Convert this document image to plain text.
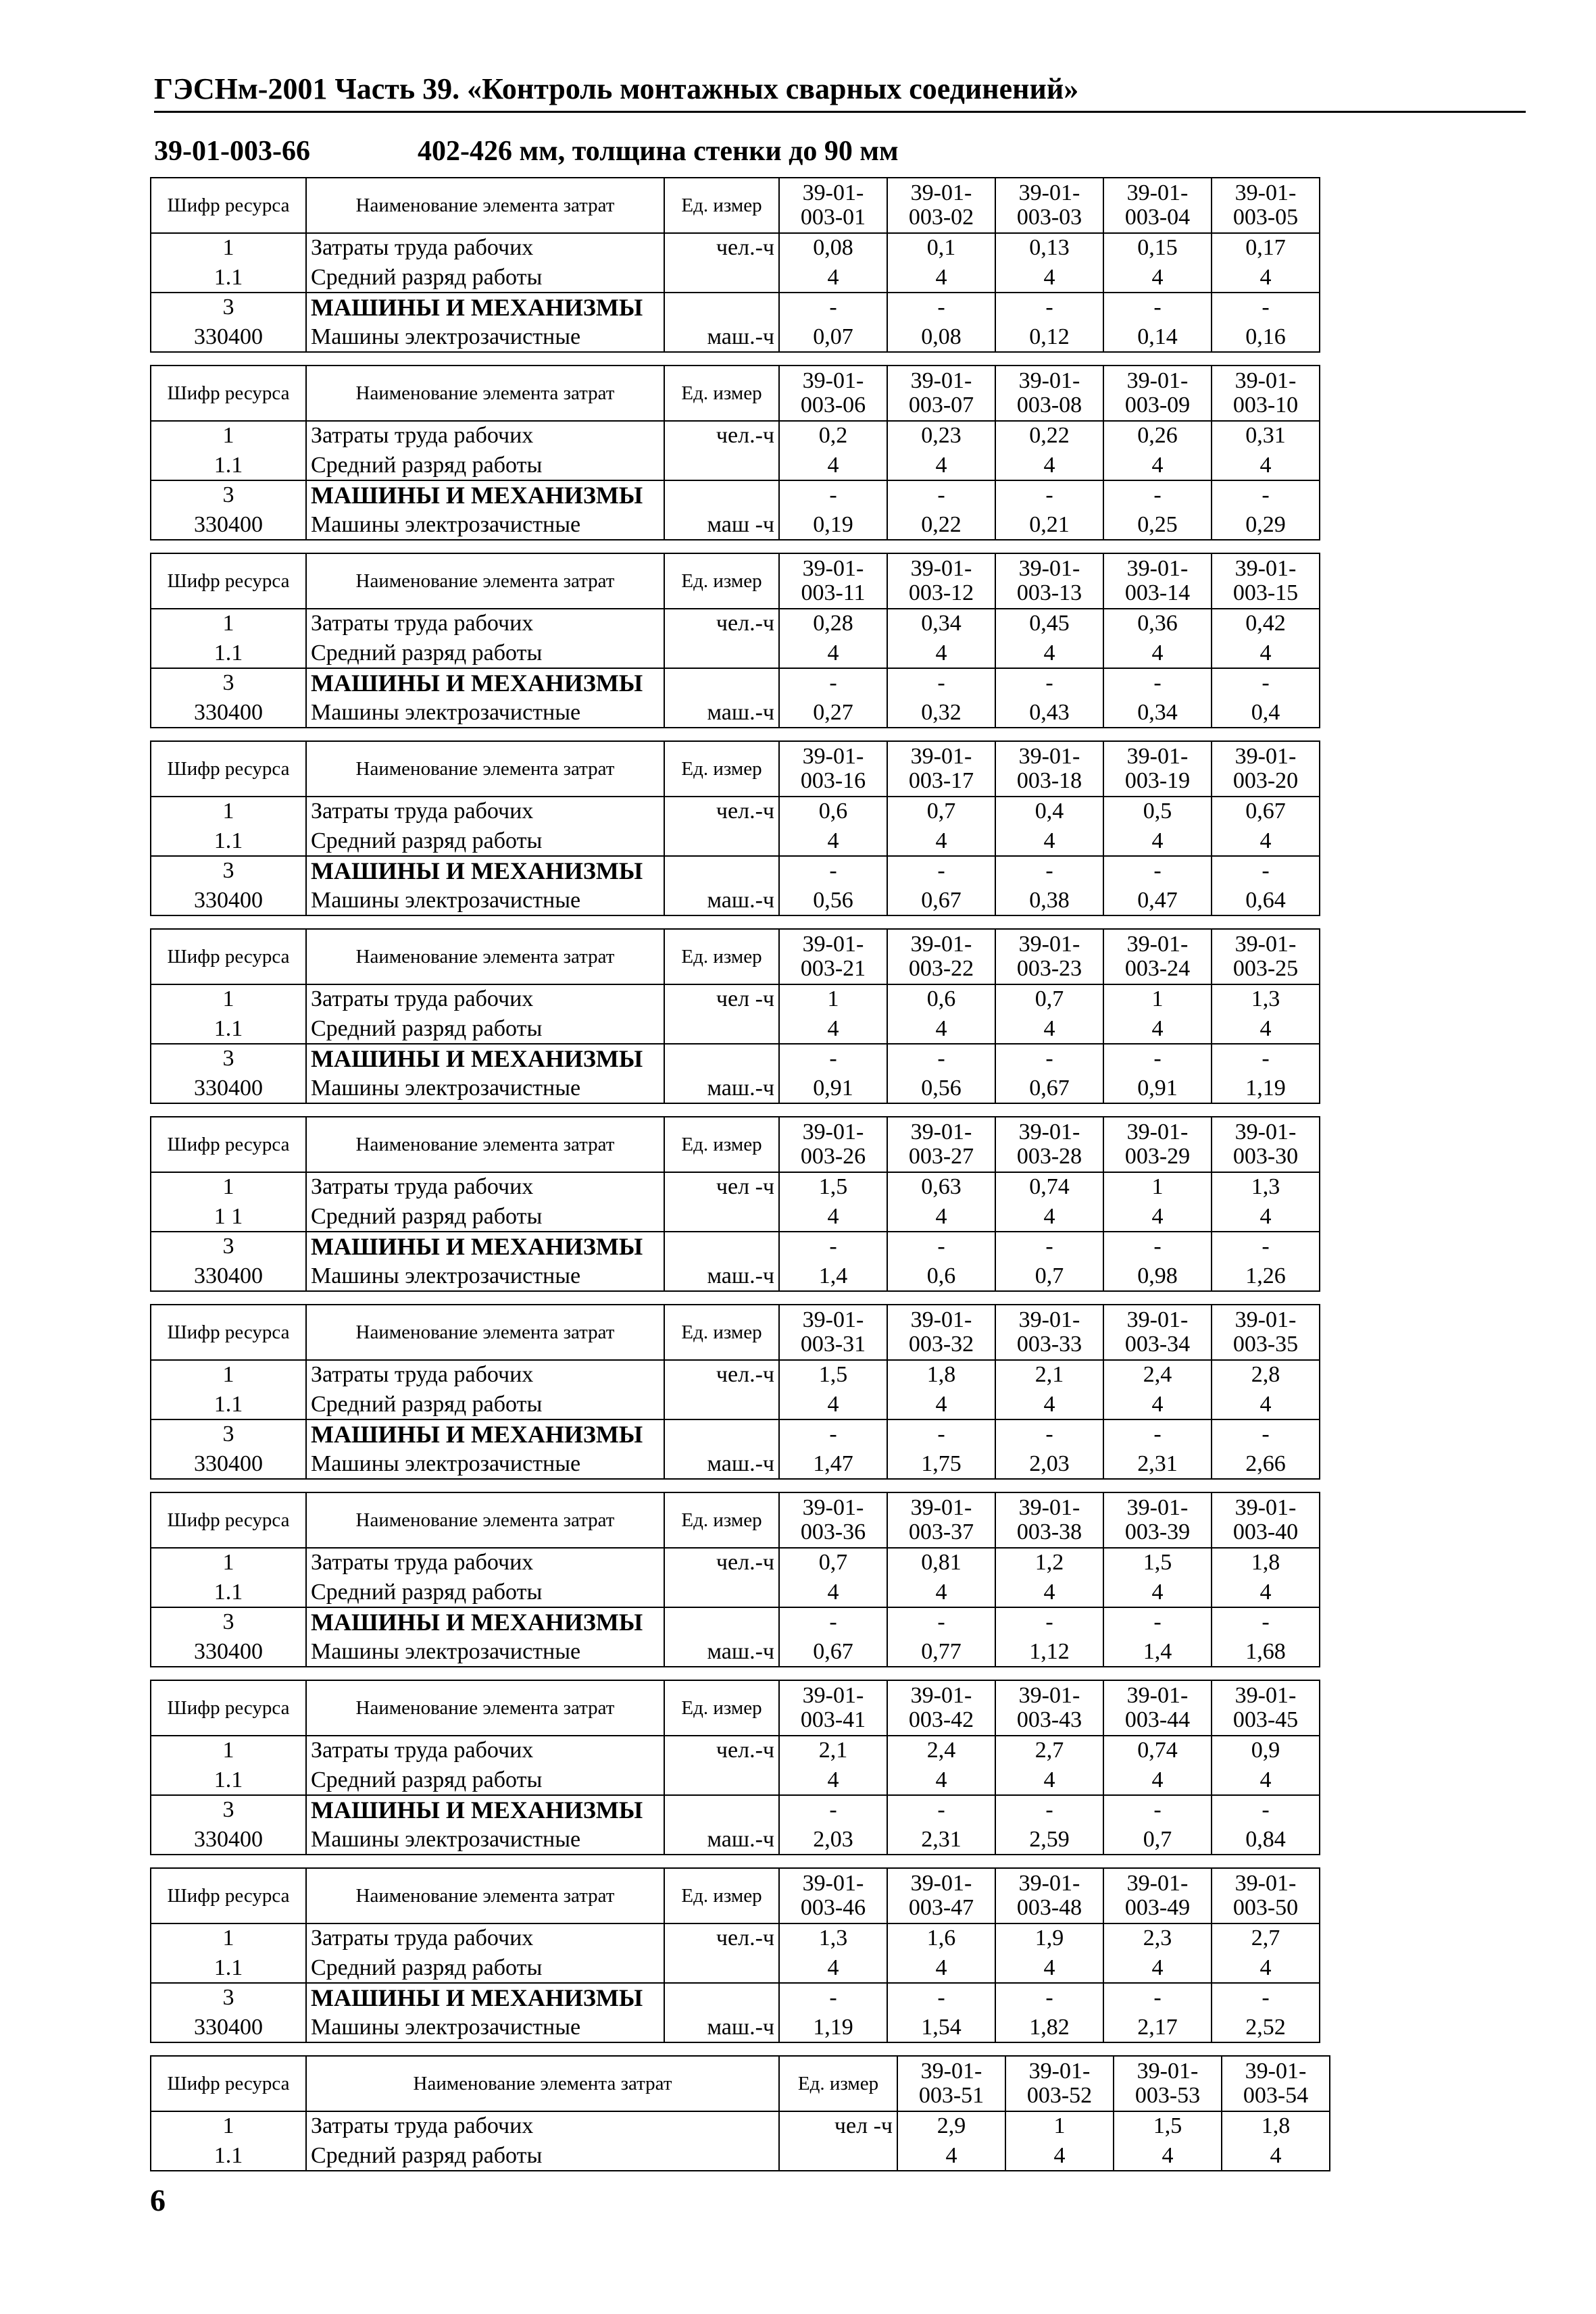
ГЭСНм-2001 Часть 39. «Контроль монтажных сварных соединений»
39-01-003-66	402-426 мм, толщина стенки до 90 мм
Шифр ресурса	Наименование элемента затрат	Ед. измер	39-01-003-01	39-01-003-02	39-01-003-03	39-01-003-04	39-01-003-05
1	Затраты труда рабочих	чел.-ч	0,08	0,1	0,13	0,15	0,17
1.1	Средний разряд работы		4	4	4	4	4
3	МАШИНЫ И МЕХАНИЗМЫ		-	-	-	-	-
330400	Машины электрозачистные	маш.-ч	0,07	0,08	0,12	0,14	0,16
Шифр ресурса	Наименование элемента затрат	Ед. измер	39-01-003-06	39-01-003-07	39-01-003-08	39-01-003-09	39-01-003-10
1	Затраты труда рабочих	чел.-ч	0,2	0,23	0,22	0,26	0,31
1.1	Средний разряд работы		4	4	4	4	4
3	МАШИНЫ И МЕХАНИЗМЫ		-	-	-	-	-
330400	Машины электрозачистные	маш -ч	0,19	0,22	0,21	0,25	0,29
Шифр ресурса	Наименование элемента затрат	Ед. измер	39-01-003-11	39-01-003-12	39-01-003-13	39-01-003-14	39-01-003-15
1	Затраты труда рабочих	чел.-ч	0,28	0,34	0,45	0,36	0,42
1.1	Средний разряд работы		4	4	4	4	4
3	МАШИНЫ И МЕХАНИЗМЫ		-	-	-	-	-
330400	Машины электрозачистные	маш.-ч	0,27	0,32	0,43	0,34	0,4
Шифр ресурса	Наименование элемента затрат	Ед. измер	39-01-003-16	39-01-003-17	39-01-003-18	39-01-003-19	39-01-003-20
1	Затраты труда рабочих	чел.-ч	0,6	0,7	0,4	0,5	0,67
1.1	Средний разряд работы		4	4	4	4	4
3	МАШИНЫ И МЕХАНИЗМЫ		-	-	-	-	-
330400	Машины электрозачистные	маш.-ч	0,56	0,67	0,38	0,47	0,64
Шифр ресурса	Наименование элемента затрат	Ед. измер	39-01-003-21	39-01-003-22	39-01-003-23	39-01-003-24	39-01-003-25
1	Затраты труда рабочих	чел -ч	1	0,6	0,7	1	1,3
1.1	Средний разряд работы		4	4	4	4	4
3	МАШИНЫ И МЕХАНИЗМЫ		-	-	-	-	-
330400	Машины электрозачистные	маш.-ч	0,91	0,56	0,67	0,91	1,19
Шифр ресурса	Наименование элемента затрат	Ед. измер	39-01-003-26	39-01-003-27	39-01-003-28	39-01-003-29	39-01-003-30
1	Затраты труда рабочих	чел -ч	1,5	0,63	0,74	1	1,3
1 1	Средний разряд работы		4	4	4	4	4
3	МАШИНЫ И МЕХАНИЗМЫ		-	-	-	-	-
330400	Машины электрозачистные	маш.-ч	1,4	0,6	0,7	0,98	1,26
Шифр ресурса	Наименование элемента затрат	Ед. измер	39-01-003-31	39-01-003-32	39-01-003-33	39-01-003-34	39-01-003-35
1	Затраты труда рабочих	чел.-ч	1,5	1,8	2,1	2,4	2,8
1.1	Средний разряд работы		4	4	4	4	4
3	МАШИНЫ И МЕХАНИЗМЫ		-	-	-	-	-
330400	Машины электрозачистные	маш.-ч	1,47	1,75	2,03	2,31	2,66
Шифр ресурса	Наименование элемента затрат	Ед. измер	39-01-003-36	39-01-003-37	39-01-003-38	39-01-003-39	39-01-003-40
1	Затраты труда рабочих	чел.-ч	0,7	0,81	1,2	1,5	1,8
1.1	Средний разряд работы		4	4	4	4	4
3	МАШИНЫ И МЕХАНИЗМЫ		-	-	-	-	-
330400	Машины электрозачистные	маш.-ч	0,67	0,77	1,12	1,4	1,68
Шифр ресурса	Наименование элемента затрат	Ед. измер	39-01-003-41	39-01-003-42	39-01-003-43	39-01-003-44	39-01-003-45
1	Затраты труда рабочих	чел.-ч	2,1	2,4	2,7	0,74	0,9
1.1	Средний разряд работы		4	4	4	4	4
3	МАШИНЫ И МЕХАНИЗМЫ		-	-	-	-	-
330400	Машины электрозачистные	маш.-ч	2,03	2,31	2,59	0,7	0,84
Шифр ресурса	Наименование элемента затрат	Ед. измер	39-01-003-46	39-01-003-47	39-01-003-48	39-01-003-49	39-01-003-50
1	Затраты труда рабочих	чел.-ч	1,3	1,6	1,9	2,3	2,7
1.1	Средний разряд работы		4	4	4	4	4
3	МАШИНЫ И МЕХАНИЗМЫ		-	-	-	-	-
330400	Машины электрозачистные	маш.-ч	1,19	1,54	1,82	2,17	2,52
Шифр ресурса	Наименование элемента затрат	Ед. измер	39-01-003-51	39-01-003-52	39-01-003-53	39-01-003-54
1	Затраты труда рабочих	чел -ч	2,9	1	1,5	1,8
1.1	Средний разряд работы		4	4	4	4
6
